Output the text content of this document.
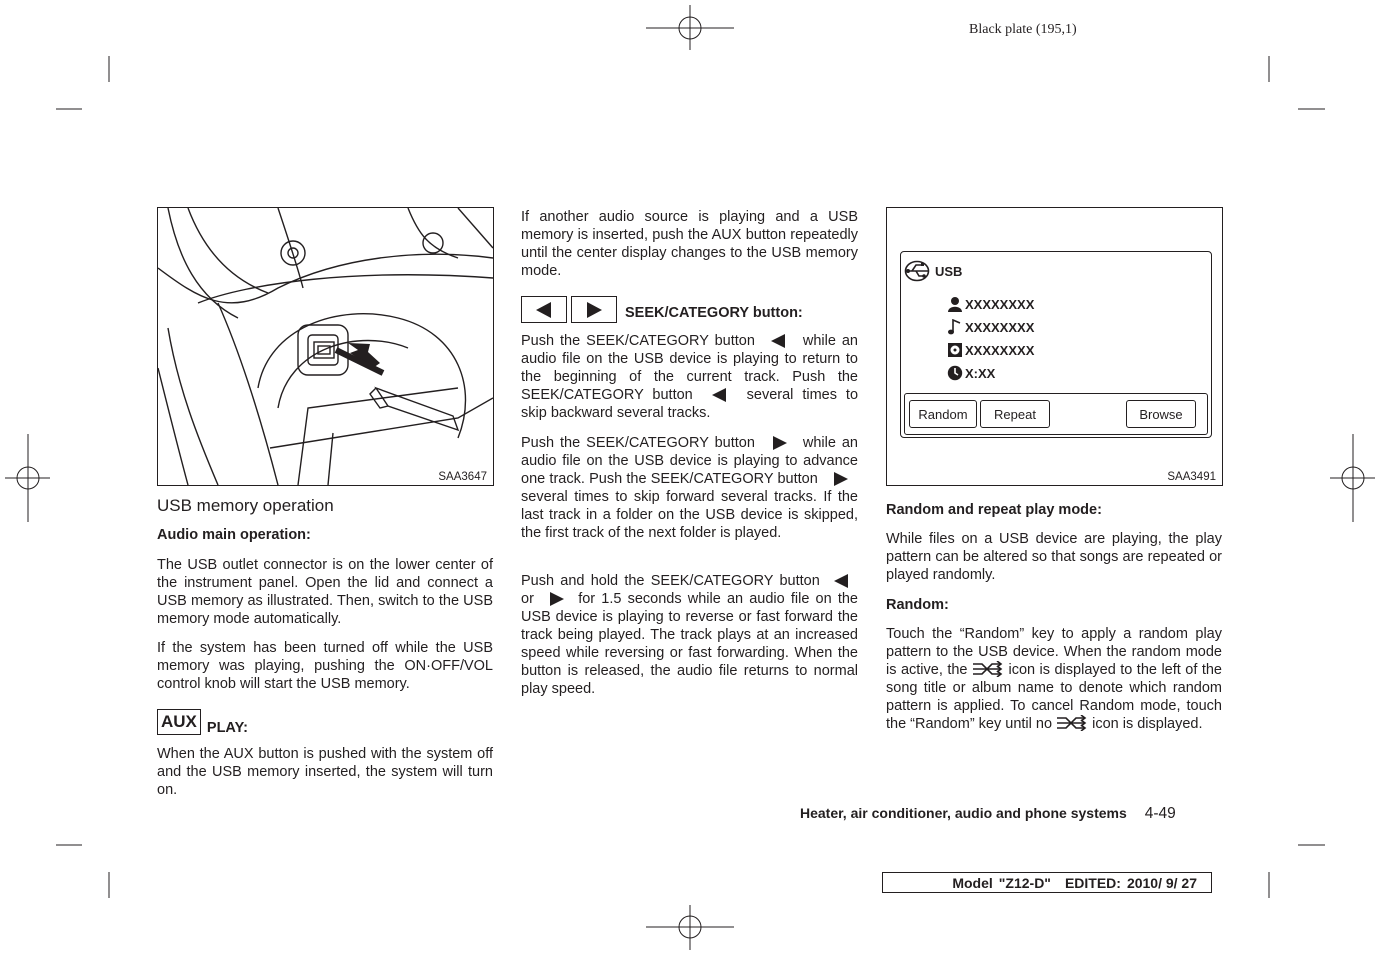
Black plate (195,1)
SAA3647
USB memory operation
Audio main operation:

The USB outlet connector is on the lower center of the instrument panel. Open the lid and connect a USB memory as illustrated. Then, switch to the USB memory mode automatically.

If the system has been turned off while the USB memory was playing, pushing the ON·OFF/VOL control knob will start the USB memory.

AUX PLAY:

When the AUX button is pushed with the system off and the USB memory inserted, the system will turn on.

If another audio source is playing and a USB memory is inserted, push the AUX button repeatedly until the center display changes to the USB memory mode.

SEEK/CATEGORY button:

Push the SEEK/CATEGORY button	while an audio file on the USB device is playing to return to the beginning of the current track. Push the SEEK/CATEGORY button	several times to skip backward several tracks.

Push the SEEK/CATEGORY button	while an audio file on the USB device is playing to advance one track. Push the SEEK/CATEGORY button  several times to skip forward several tracks. If the last track in a folder on the USB device is skipped, the first track of the next folder is played.

Push and hold the SEEK/CATEGORY button  or	for 1.5 seconds while an audio file on the USB device is playing to reverse or fast forward the track being played. The track plays at an increased speed while reversing or fast forwarding. When the button is released, the audio file returns to normal play speed.

USB
XXXXXXXX
XXXXXXXX
XXXXXXXX
X:XX
Random	Repeat	Browse
SAA3491
Random and repeat play mode:

While files on a USB device are playing, the play pattern can be altered so that songs are repeated or played randomly.

Random:

Touch the “Random” key to apply a random play pattern to the USB device. When the random mode is active, the	icon is displayed to the left of the song title or album name to denote which random pattern is applied. To cancel Random mode, touch the “Random” key until no	icon is displayed.

Heater, air conditioner, audio and phone systems 4-49
Model "Z12-D" EDITED: 2010/ 9/ 27
